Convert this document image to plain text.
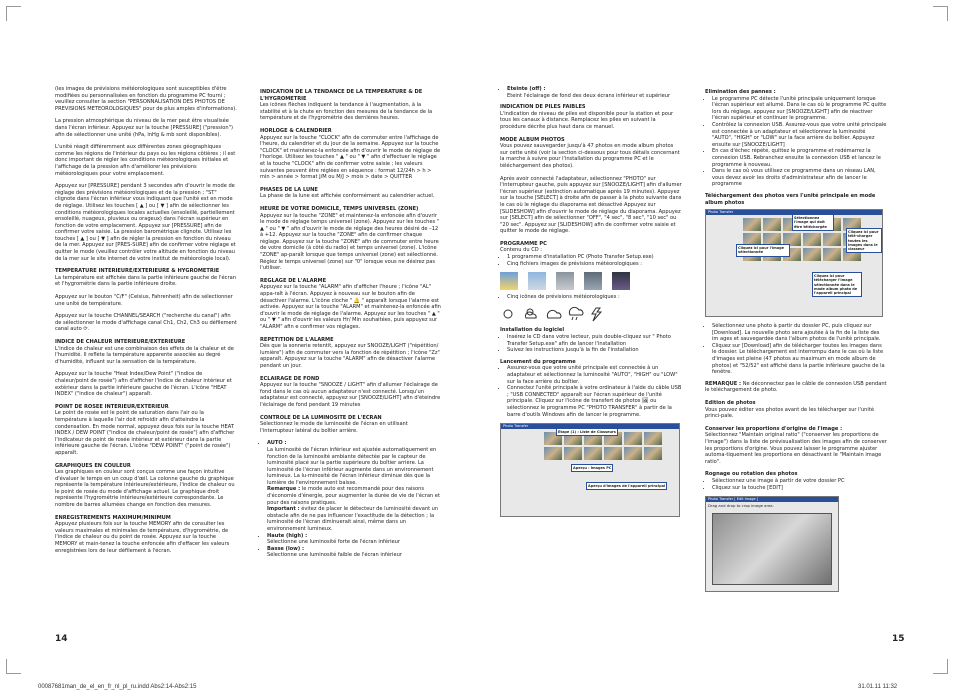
(les images de prévisions météorologiques sont susceptibles d'être modifiées ou personnalisées en fonction du programme PC fourni ; veuillez consulter la section "PERSONNALISATION DES PHOTOS DE PREVISIONS METEOROLOGIQUES" pour de plus amples d'informations).

La pression atmosphérique du niveau de la mer peut être visualisée dans l'écran inférieur. Appuyez sur la touche [PRESSURE] ("pression") afin de sélectionner une unité (hPa, inHg & mb sont disponibles).

L'unité réagit différemment aux différentes zones géographiques comme les régions de l'intérieur du pays ou les régions côtières ; il est donc important de régler les conditions météorologiques initiales et l'affichage de la pression afin d'améliorer les prévisions météorologiques pour votre emplacement.

Appuyez sur [PRESSURE] pendant 3 secondes afin d'ouvrir le mode de réglage des prévisions météorologiques et de la pression ; "ST" clignote dans l'écran inférieur vous indiquant que l'unité est en mode de réglage. Utilisez les touches [ ▲ ] ou [ ▼ ] afin de sélectionner les conditions météorologiques locales actuelles (ensoleillé, partiellement ensoleillé, nuageux, pluvieux ou orageux) dans l'écran supérieur en fonction de votre emplacement. Appuyez sur [PRESSURE] afin de confirmer votre saisie. La pression barométrique clignote. Utilisez les touches [ ▲ ] ou [ ▼ ] afin de régler la pression en fonction du niveau de la mer. Appuyez sur [PRES-SURE] afin de confirmer votre réglage et quitter le mode (veuillez contrôler votre altitude en fonction du niveau de la mer sur le site internet de votre institut de météorologie local).

TEMPERATURE INTERIEURE/EXTERIEURE & HYGROMETRIE

La température est affichée dans la partie inférieure gauche de l'écran et l'hygrométrie dans la partie inférieure droite.

Appuyez sur le bouton "C/F" (Celsius, Fahrenheit) afin de sélectionner une unité de température.

Appuyez sur la touche CHANNEL/SEARCH ("recherche du canal") afin de sélectionner le mode d'affichage canal Ch1, Ch2, Ch3 ou défilement canal auto ⟳.

INDICE DE CHALEUR INTERIEURE/EXTERIEURE

L'indice de chaleur est une combinaison des effets de la chaleur et de l'humidité. Il reflète la température apparente associée au degré d'humidité, influant sur la sensation de la température.

Appuyez sur la touche "Heat Index/Dew Point" ("indice de chaleur/point de rosée") afin d'afficher l'indice de chaleur intérieur et extérieur dans la partie inférieure gauche de l'écran. L'icône "HEAT INDEX" ("indice de chaleur") apparaît.

POINT DE ROSEE INTERIEUR/EXTERIEUR

Le point de rosée est le point de saturation dans l'air ou la température à laquelle l'air doit refroidir afin d'atteindre la condensation. En mode normal, appuyez deux fois sur la touche HEAT INDEX / DEW POINT ("indice de chaleur/point de rosée") afin d'afficher l'indicateur de point de rosée intérieur et extérieur dans la partie inférieure gauche de l'écran. L'icône "DEW POINT" ("point de rosée") apparaît.

GRAPHIQUES EN COULEUR

Les graphiques en couleur sont conçus comme une façon intuitive d'évaluer le temps en un coup d'œil. La colonne gauche du graphique représente la température intérieure/extérieure, l'indice de chaleur ou le point de rosée du mode d'affichage actuel. Le graphique droit représente l'hygrométrie intérieure/extérieure correspondante. Le nombre de barres allumées change en fonction des mesures.

ENREGISTREMENTS MAXIMUM/MINIMUM

Appuyez plusieurs fois sur la touche MEMORY afin de consulter les valeurs maximales et minimales de température, d'hygrométrie, de l'indice de chaleur ou du point de rosée. Appuyez sur la touche MEMORY et main-tenez la touche enfoncée afin d'effacer les valeurs enregistrées lors de leur défilement à l'écran.

INDICATION DE LA TENDANCE DE LA TEMPERATURE & DE L'HYGROMETRIE

Les icônes flèches indiquent la tendance à l'augmentation, à la stabilité et à la chute en fonction des mesures de la tendance de la température et de l'hygrométrie des dernières heures.

HORLOGE & CALENDRIER

Appuyez sur la touche "CLOCK" afin de commuter entre l'affichage de l'heure, du calendrier et du jour de la semaine. Appuyez sur la touche "CLOCK" et maintenez-la enfoncée afin d'ouvrir le mode de réglage de l'horloge. Utilisez les touches " ▲ " ou " ▼ " afin d'effectuer le réglage et la touche "CLOCK" afin de confirmer votre saisie ; les valeurs suivantes peuvent être réglées en séquence : format 12/24h > h > min > année > format J/M ou M/J > mois > date > QUITTER

PHASES DE LA LUNE

La phase de la lune est affichée conformément au calendrier actuel.

HEURE DE VOTRE DOMICILE, TEMPS UNIVERSEL (ZONE)

Appuyez sur la touche "ZONE" et maintenez-la enfoncée afin d'ouvrir le mode de réglage temps universel (zone). Appuyez sur les touches " ▲ " ou " ▼ " afin d'ouvrir le mode de réglage des heures désiré de –12 à +12. Appuyez sur la touche "ZONE" afin de confirmer chaque réglage. Appuyez sur la touche "ZONE" afin de commuter entre heure de votre domicile (à côté du radio) et temps universel (zone). L'icône "ZONE" ap-paraît lorsque que temps universel (zone) est sélectionné. Réglez le temps universel (zone) sur "0" lorsque vous ne désirez pas l'utiliser.

REGLAGE DE L'ALARME

Appuyez sur la touche "ALARM" afin d'afficher l'heure ; l'icône "AL" appa-raît à l'écran. Appuyez à nouveau sur le bouton afin de désactiver l'alarme. L'icône cloche " 🔔 " apparaît lorsque l'alarme est activée. Appuyez sur la touche "ALARM" et maintenez-la enfoncée afin d'ouvrir le mode de réglage de l'alarme. Appuyez sur les touches " ▲ " ou " ▼ " afin d'ouvrir les valeurs Hr/ Min souhaitées, puis appuyez sur "ALARM" afin e confirmer vos réglages.

REPETITION DE L'ALARME

Dès que la sonnerie retentit, appuyez sur SNOOZE/LIGHT ("répétition/ lumière") afin de commuter vers la fonction de répétition ; l'icône "Zz" apparaît. Appuyez sur la touche "ALARM" afin de désactiver l'alarme pendant un jour.

ECLAIRAGE DE FOND

Appuyez sur la touche "SNOOZE / LIGHT" afin d'allumer l'éclairage de fond dans le cas où aucun adaptateur n'est connecté. Lorsqu'un adaptateur est connecté, appuyez sur [SNOOZE/LIGHT] afin d'éteindre l'éclairage de fond pendant 19 minutes

CONTROLE DE LA LUMINOSITE DE L'ECRAN

Sélectionnez le mode de luminosité de l'écran en utilisant l'interrupteur latéral du boîtier arrière.

• AUTO :
La luminosité de l'écran inférieur est ajustée automatiquement en fonction de la luminosité ambiante détectée par le capteur de luminosité placé sur la partie supérieure du boîtier arrière. La luminosité de l'écran inférieur augmente dans un environnement lumineux. La lu-minosité de l'écran inférieur diminue dès que la lumière de l'environnement baisse.
Remarque : le mode auto est recommandé pour des raisons d'économie d'énergie, pour augmenter la durée de vie de l'écran et pour des raisons pratiques.
Important : évitez de placer le détecteur de luminosité devant un obstacle afin de ne pas influencer l'exactitude de la détection ; la luminosité de l'écran diminuerait ainsi, même dans un environnement lumineux.
• Haute (high) :
Sélectionne une luminosité forte de l'écran inférieur
• Basse (low) :
Sélectionne une luminosité faible de l'écran inférieur
• Eteinte (off) :
Eteint l'éclairage de fond des deux écrans inférieur et supérieur
INDICATION DE PILES FAIBLES

L'indication de niveau de piles est disponible pour la station et pour tous les canaux à distance. Remplacez les piles en suivant la procédure décrite plus haut dans ce manuel.

MODE ALBUM PHOTOS

Vous pouvez sauvegarder jusqu'à 47 photos en mode album photos sur cette unité (voir la section ci-dessous pour tous détails concernant la marche à suivre pour l'installation du programme PC et le téléchargement des photos).

Après avoir connecté l'adaptateur, sélectionnez "PHOTO" sur l'interrupteur gauche, puis appuyez sur [SNOOZE/LIGHT] afin d'allumer l'écran supérieur (extinction automatique après 19 minutes). Appuyez sur la touche [SELECT] à droite afin de passer à la photo suivante dans le cas où le réglage du diaporama est désactivé Appuyez sur [SLIDESHOW] afin d'ouvrir le mode de réglage du diaporama. Appuyez sur [SELECT] afin de sélectionner "OFF", "4 sec", "8 sec", "10 sec" ou "20 sec". Appuyez sur [SLIDESHOW] afin de confirmer votre saisie et quitter le mode de réglage.

PROGRAMME PC

Contenu du CD :

• 1 programme d'installation PC (Photo Transfer Setup.exe)
• Cinq fichiers images de prévisions météorologiques :
• Cinq icônes de prévisions météorologiques :
Installation du logiciel
• Insérez le CD dans votre lecteur, puis double-cliquez sur " Photo Transfer Setup.exe" afin de lancer l'installation
• Suivez les instructions jusqu'à la fin de l'installation
Lancement du programme
• Assurez-vous que votre unité principale est connectée à un adaptateur et sélectionnez la luminosité "AUTO", "HIGH" ou "LOW" sur la face arrière du boîtier.
• Connectez l'unité principale à votre ordinateur à l'aide du câble USB ; "USB CONNECTED" apparaît sur l'écran supérieur de l'unité principale. Cliquez sur l'icône de transfert de photos 🖼 ou sélectionnez le programme PC "PHOTO TRANSFER" à partir de la barre d'outils Windows afin de lancer le programme.
Photo Transfer
Etape (1) : Liste de Classeurs
Aperçu : Images PC
Aperçu d'images de l'appareil principal
Elimination des pannes :
• Le programme PC détecte l'unité principale uniquement lorsque l'écran supérieur est allumé. Dans le cas où le programme PC quitte lors du réglage, appuyez sur [SNOOZE/LIGHT] afin de réactiver l'écran supérieur et continuer le programme.
• Contrôlez la connexion USB. Assurez-vous que votre unité principale est connectée à un adaptateur et sélectionnez la luminosité "AUTO", "HIGH" or "LOW" sur la face arrière du boîtier. Appuyez ensuite sur [SNOOZE/LIGHT]
• En cas d'échec répété, quittez le programme et redémarrez la connexion USB. Rebranchez ensuite la connexion USB et lancez le programme à nouveau.
• Dans le cas où vous utilisez ce programme dans un réseau LAN, vous devez avoir les droits d'administrateur afin de lancer le programme
Téléchargement des photos vers l'unité principale en mode album photos
Photo Transfer
Sélectionnez l'image qui doit être téléchargée
Cliquez ici pour télé-charger toutes les images dans le classeur
Cliquez ici pour l'image sélectionnée
Cliquez ici pour télécharger l'image sélectionnée dans le mode album photo de l'appareil principal
• Sélectionnez une photo à partir du dossier PC, puis cliquez sur [Download]. La nouvelle photo sera ajoutée à la fin de la liste des im ages et sauvegardée dans l'album photos de l'unité principale.
• Cliquez sur [Download] afin de télécharger toutes les images dans le dossier. Le téléchargement est interrompu dans le cas où la liste d'images est pleine (47 photos au maximum en mode album de photos) et "52/52" est affiché dans la partie inférieure gauche de la fenêtre.

REMARQUE : Ne déconnectez pas le câble de connexion USB pendant le téléchargement de photo.

Edition de photos

Vous pouvez éditer vos photos avant de les télécharger sur l'unité princi-pale.

Conserver les proportions d'origine de l'image :

Sélectionnez "Maintain original ratio" ("conserver les proportions de l'image") dans la liste de prévisualisation des images afin de conserver les proportions d'origine. Vous pouvez laisser le programme ajuster automa-tiquement les proportions en désactivant le "Maintain image ratio".

Rognage ou rotation des photos
• Sélectionnez une image à partir de votre dossier PC
• Cliquez sur la touche [EDIT]
Photo Transfer [ Edit Image ]
Drag and drop to crop image area.
14	15
00087681man_de_el_en_fr_nl_pl_ru.indd Abs2:14-Abs2:15	31.01.11 11:32
